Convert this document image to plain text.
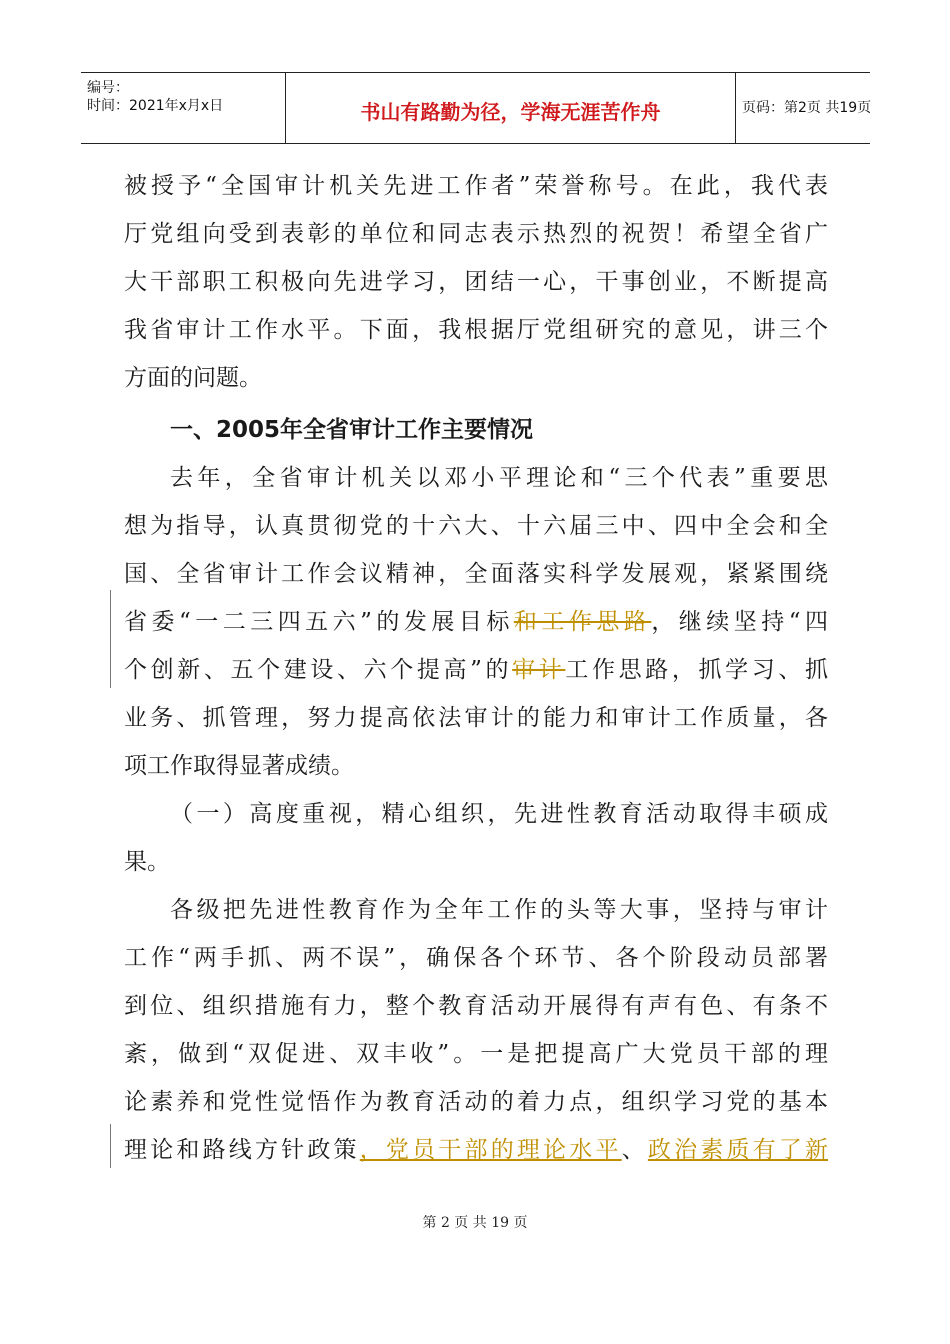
编号：
时间：2021年x月x日	书山有路勤为径，学海无涯苦作舟	页码：第2页 共19页
被授予“全国审计机关先进工作者”荣誉称号。在此，我代表
厅党组向受到表彰的单位和同志表示热烈的祝贺！希望全省广
大干部职工积极向先进学习，团结一心，干事创业，不断提高
我省审计工作水平。下面，我根据厅党组研究的意见，讲三个
方面的问题。
一、2005年全省审计工作主要情况
去年，全省审计机关以邓小平理论和“三个代表”重要思
想为指导，认真贯彻党的十六大、十六届三中、四中全会和全
国、全省审计工作会议精神，全面落实科学发展观，紧紧围绕
省委“一二三四五六”的发展目标和工作思路，继续坚持“四
个创新、五个建设、六个提高”的审计工作思路，抓学习、抓
业务、抓管理，努力提高依法审计的能力和审计工作质量，各
项工作取得显著成绩。
（一）高度重视，精心组织，先进性教育活动取得丰硕成
果。
各级把先进性教育作为全年工作的头等大事，坚持与审计
工作“两手抓、两不误”，确保各个环节、各个阶段动员部署
到位、组织措施有力，整个教育活动开展得有声有色、有条不
紊，做到“双促进、双丰收”。一是把提高广大党员干部的理
论素养和党性觉悟作为教育活动的着力点，组织学习党的基本
理论和路线方针政策，党员干部的理论水平、政治素质有了新
第 2 页 共 19 页
